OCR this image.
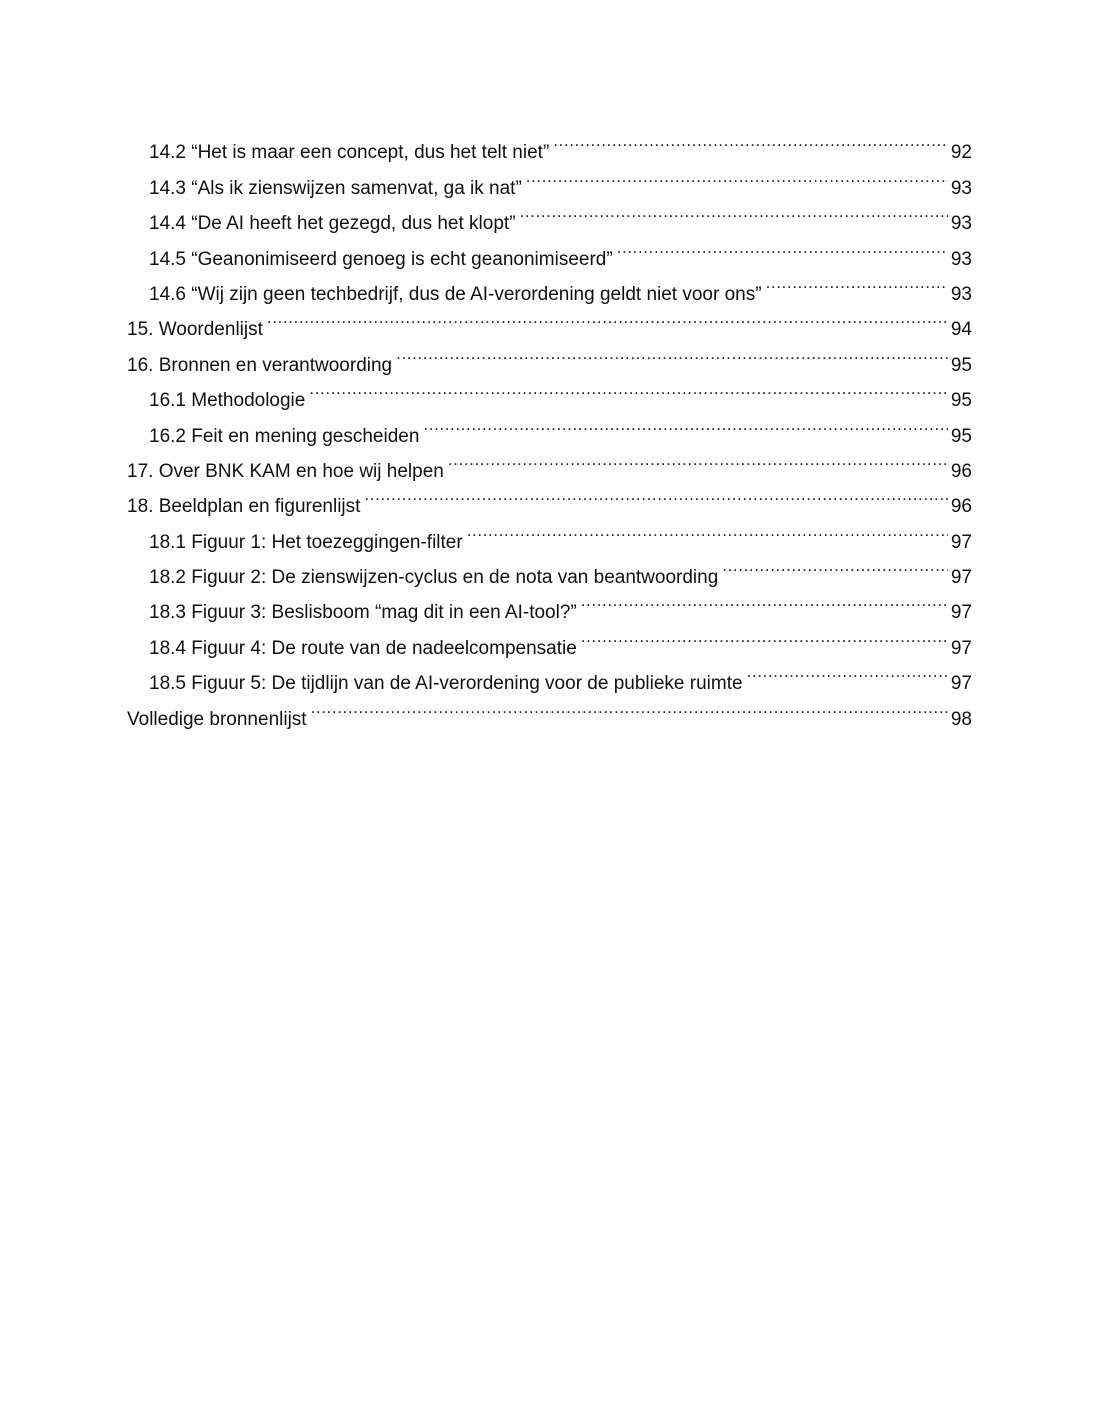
14.2 “Het is maar een concept, dus het telt niet” .....	92
14.3 “Als ik zienswijzen samenvat, ga ik nat” .....	93
14.4 “De AI heeft het gezegd, dus het klopt” .....	93
14.5 “Geanonimiseerd genoeg is echt geanonimiseerd” .....	93
14.6 “Wij zijn geen techbedrijf, dus de AI-verordening geldt niet voor ons” .....	93
15. Woordenlijst .....	94
16. Bronnen en verantwoording .....	95
16.1 Methodologie .....	95
16.2 Feit en mening gescheiden .....	95
17. Over BNK KAM en hoe wij helpen .....	96
18. Beeldplan en figurenlijst .....	96
18.1 Figuur 1: Het toezeggingen-filter .....	97
18.2 Figuur 2: De zienswijzen-cyclus en de nota van beantwoording .....	97
18.3 Figuur 3: Beslisboom “mag dit in een AI-tool?” .....	97
18.4 Figuur 4: De route van de nadeelcompensatie .....	97
18.5 Figuur 5: De tijdlijn van de AI-verordening voor de publieke ruimte .....	97
Volledige bronnenlijst .....	98
